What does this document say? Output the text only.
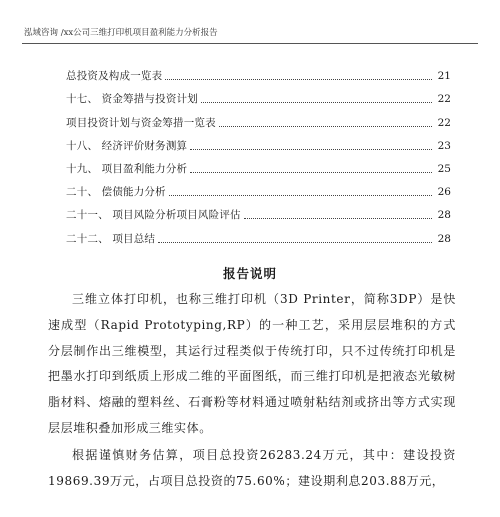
泓域咨询 /xx公司三维打印机项目盈利能力分析报告
总投资及构成一览表	21
十七、 资金筹措与投资计划	22
项目投资计划与资金筹措一览表	22
十八、 经济评价财务测算	23
十九、 项目盈利能力分析	25
二十、 偿债能力分析	26
二十一、 项目风险分析项目风险评估	28
二十二、 项目总结	28
报告说明

三维立体打印机，也称三维打印机（3D Printer，简称3DP）是快速成型（Rapid Prototyping,RP）的一种工艺，采用层层堆积的方式分层制作出三维模型，其运行过程类似于传统打印，只不过传统打印机是把墨水打印到纸质上形成二维的平面图纸，而三维打印机是把液态光敏树脂材料、熔融的塑料丝、石膏粉等材料通过喷射粘结剂或挤出等方式实现层层堆积叠加形成三维实体。

根据谨慎财务估算，项目总投资26283.24万元，其中：建设投资19869.39万元，占项目总投资的75.60%；建设期利息203.88万元，
